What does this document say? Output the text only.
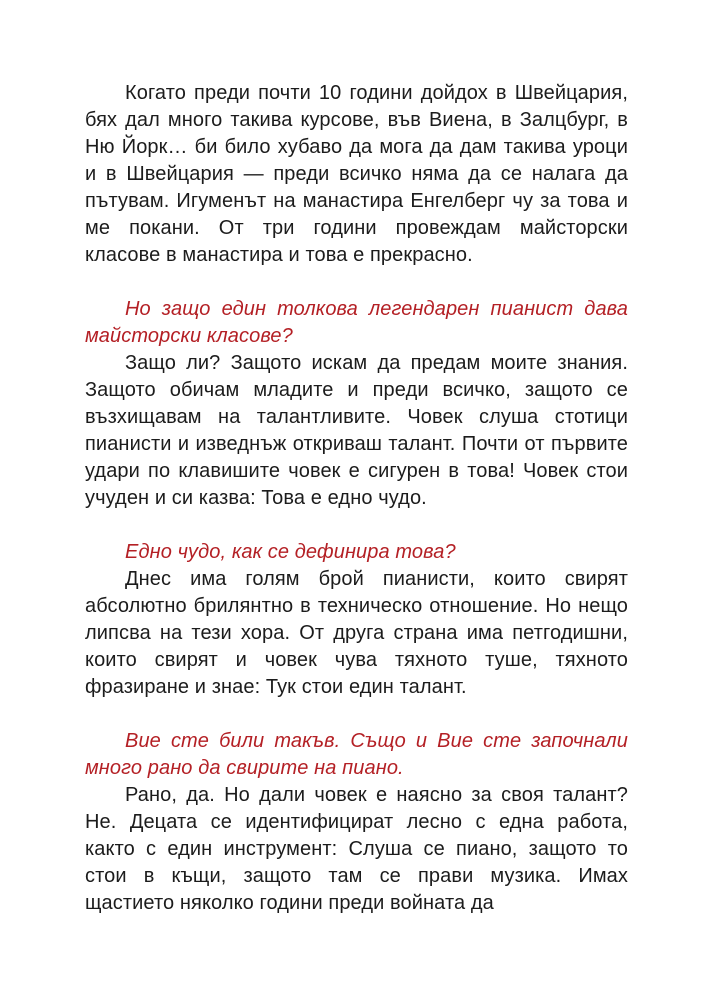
Когато преди почти 10 години дойдох в Швейцария, бях дал много такива курсове, във Виена, в Залцбург, в Ню Йорк… би било хубаво да мога да дам такива уроци и в Швейцария — преди всичко няма да се налага да пътувам. Игуменът на манастира Енгелберг чу за това и ме покани. От три години провеждам майсторски класове в манастира и това е прекрасно.

Но защо един толкова легендарен пианист дава майсторски класове?

Защо ли? Защото искам да предам моите знания. Защото обичам младите и преди всичко, защото се възхищавам на талантливите. Човек слуша стотици пианисти и изведнъж откриваш талант. Почти от първите удари по клавишите човек е сигурен в това! Човек стои учуден и си казва: Това е едно чудо.

Едно чудо, как се дефинира това?

Днес има голям брой пианисти, които свирят абсолютно брилянтно в техническо отношение. Но нещо липсва на тези хора. От друга страна има петгодишни, които свирят и човек чува тяхното туше, тяхното фразиране и знае: Тук стои един талант.

Вие сте били такъв. Също и Вие сте започнали много рано да свирите на пиано.

Рано, да. Но дали човек е наясно за своя талант? Не. Децата се идентифицират лесно с една работа, както с един инструмент: Слуша се пиано, защото то стои в къщи, защото там се прави музика. Имах щастието няколко години преди войната да
